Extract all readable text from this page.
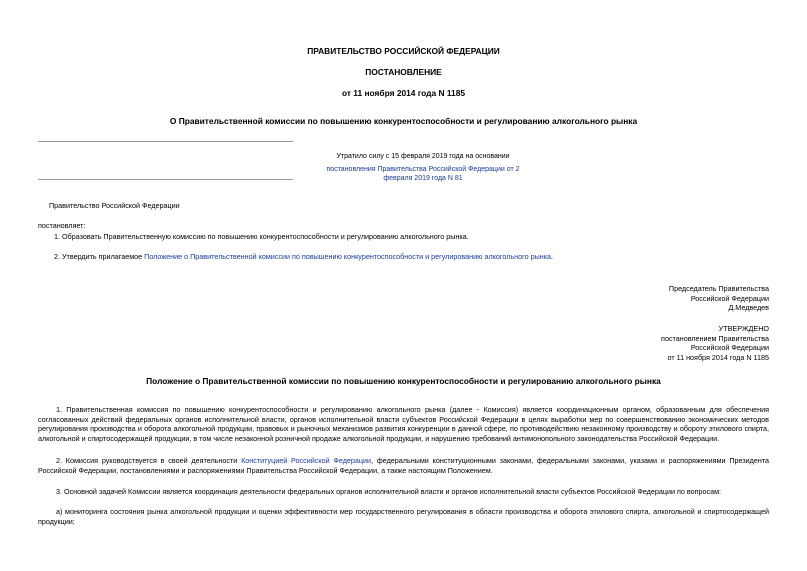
ПРАВИТЕЛЬСТВО РОССИЙСКОЙ ФЕДЕРАЦИИ
ПОСТАНОВЛЕНИЕ
от 11 ноября 2014 года N 1185
О Правительственной комиссии по повышению конкурентоспособности и регулированию алкогольного рынка
Утратило силу с 15 февраля 2019 года на основании
постановления Правительства Российской Федерации от 2 февраля 2019 года N 81
Правительство Российской Федерации
постановляет:
1. Образовать Правительственную комиссию по повышению конкурентоспособности и регулированию алкогольного рынка.
2. Утвердить прилагаемое Положение о Правительственной комиссии по повышению конкурентоспособности и регулированию алкогольного рынка.
Председатель Правительства
Российской Федерации
Д.Медведев
УТВЕРЖДЕНО
постановлением Правительства
Российской Федерации
от 11 ноября 2014 года N 1185
Положение о Правительственной комиссии по повышению конкурентоспособности и регулированию алкогольного рынка
1. Правительственная комиссия по повышению конкурентоспособности и регулированию алкогольного рынка (далее - Комиссия) является координационным органом, образованным для обеспечения согласованных действий федеральных органов исполнительной власти, органов исполнительной власти субъектов Российской Федерации в целях выработки мер по совершенствованию экономических методов регулирования производства и оборота алкогольной продукции, правовых и рыночных механизмов развития конкуренции в данной сфере, по противодействию незаконному производству и обороту этилового спирта, алкогольной и спиртосодержащей продукции, в том числе незаконной розничной продаже алкогольной продукции, и нарушению требований антимонопольного законодательства Российской Федерации.
2. Комиссия руководствуется в своей деятельности Конституцией Российской Федерации, федеральными конституционными законами, федеральными законами, указами и распоряжениями Президента Российской Федерации, постановлениями и распоряжениями Правительства Российской Федерации, а также настоящим Положением.
3. Основной задачей Комиссии является координация деятельности федеральных органов исполнительной власти и органов исполнительной власти субъектов Российской Федерации по вопросам:
а) мониторинга состояния рынка алкогольной продукции и оценки эффективности мер государственного регулирования в области производства и оборота этилового спирта, алкогольной и спиртосодержащей продукции;
